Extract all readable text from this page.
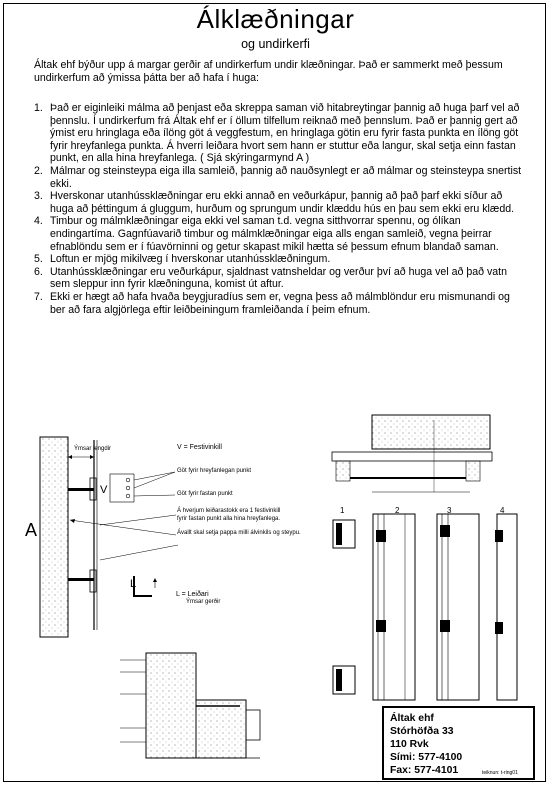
Álklæðningar
og undirkerfi
Áltak ehf býður upp á margar gerðir af undirkerfum undir klæðningar. Það er sammerkt með þessum undirkerfum að ýmissa þátta ber að hafa í huga:
1. Það er eiginleiki málma að þenjast eða skreppa saman við hitabreytingar þannig að huga þarf vel að þennslu. Í undirkerfum frá Áltak ehf er í öllum tilfellum reiknað með þennslum. Það er þannig gert að ýmist eru hringlaga eða ílöng göt á veggfestum, en hringlaga götin eru fyrir fasta punkta en ílöng göt fyrir hreyfanlega punkta. Á hverri leiðara hvort sem hann er stuttur eða langur, skal setja einn fastan punkt, en alla hina hreyfanlega. ( Sjá skýringarmynd A )
2. Málmar og steinsteypa eiga illa samleið, þannig að nauðsynlegt er að málmar og steinsteypa snertist ekki.
3. Hverskonar utanhússklæðningar eru ekki annað en veðurkápur, þannig að það þarf ekki síður að huga að þéttingum á gluggum, hurðum og sprungum undir klæddu hús en þau sem ekki eru klædd.
4. Timbur og málmklæðningar eiga ekki vel saman t.d. vegna sitthvorrar spennu, og ólíkan endingartíma. Gagnfúavarið timbur og málmklæðningar eiga alls engan samleið, vegna þeirrar efnablöndu sem er í fúavörninni og getur skapast mikil hætta sé þessum efnum blandað saman.
5. Loftun er mjög mikilvæg í hverskonar utanhússklæðningum.
6. Utanhússklæðningar eru veðurkápur, sjaldnast vatnsheldar og verður því að huga vel að það vatn sem sleppur inn fyrir klæðninguna, komist út aftur.
7. Ekki er hægt að hafa hvaða beygjuradíus sem er, vegna þess að málmblöndur eru mismunandi og ber að fara algjörlega eftir leiðbeiningum framleiðanda í þeim efnum.
A
V
L
Ýmsar lengdir	V = Festivinkill
Göt fyrir hreyfanlegan punkt
Göt fyrir fastan punkt
Á hverjum leiðarastokk era 1 festivinkill
fyrir fastan punkt alla hina hreyfanlega.
Ávallt skal setja pappa milli álvinkils og steypu.
L = Leiðari
Ýmsar gerðir
1	2	3	4
Áltak ehf
Stórhöfða 33
110 Rvk
Sími: 577-4100
Fax: 577-4101	teiknun: t-ring01
